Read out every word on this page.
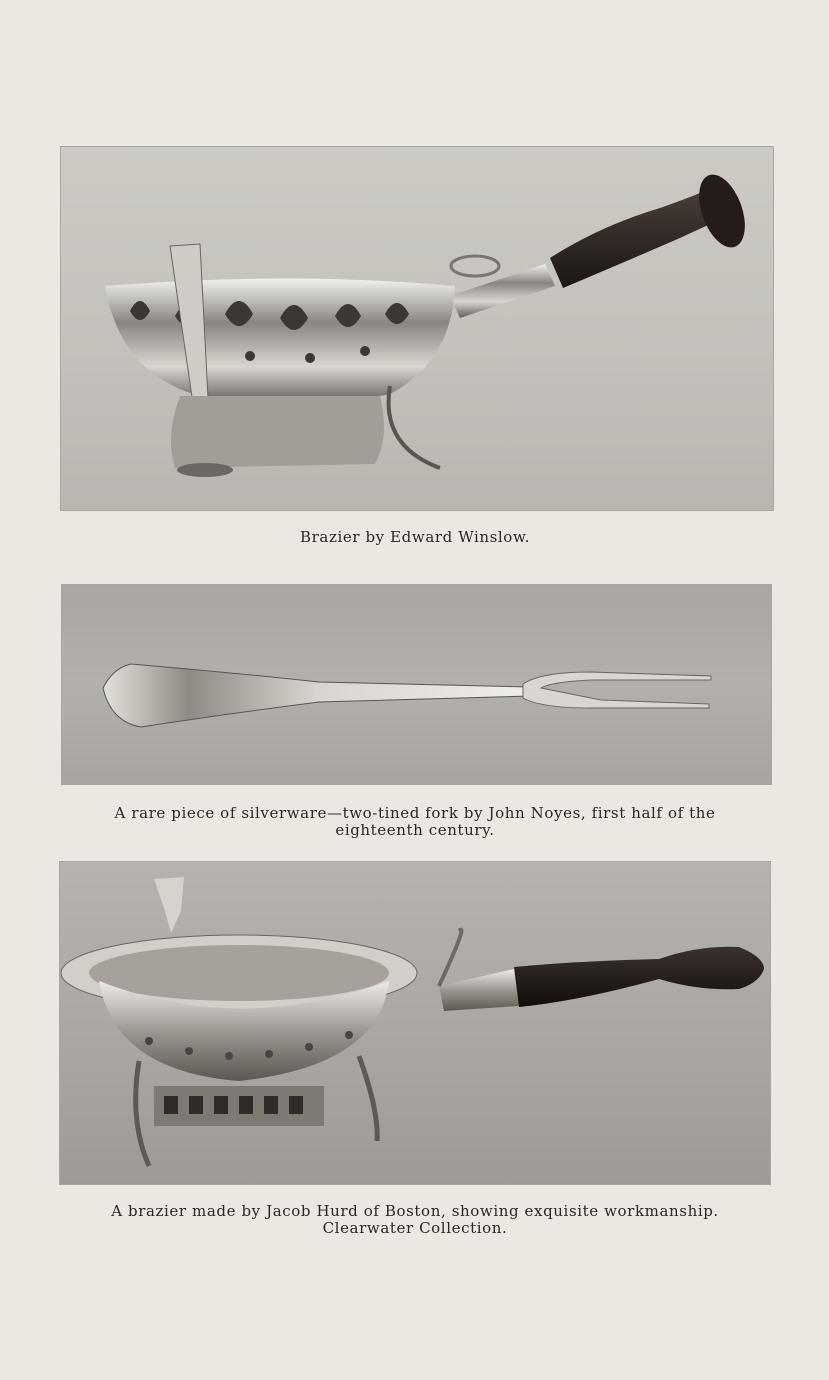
Brazier by Edward Winslow.
A rare piece of silverware—two-tined fork by John Noyes, first half of the
eighteenth century.
A brazier made by Jacob Hurd of Boston, showing exquisite workmanship.
Clearwater Collection.
